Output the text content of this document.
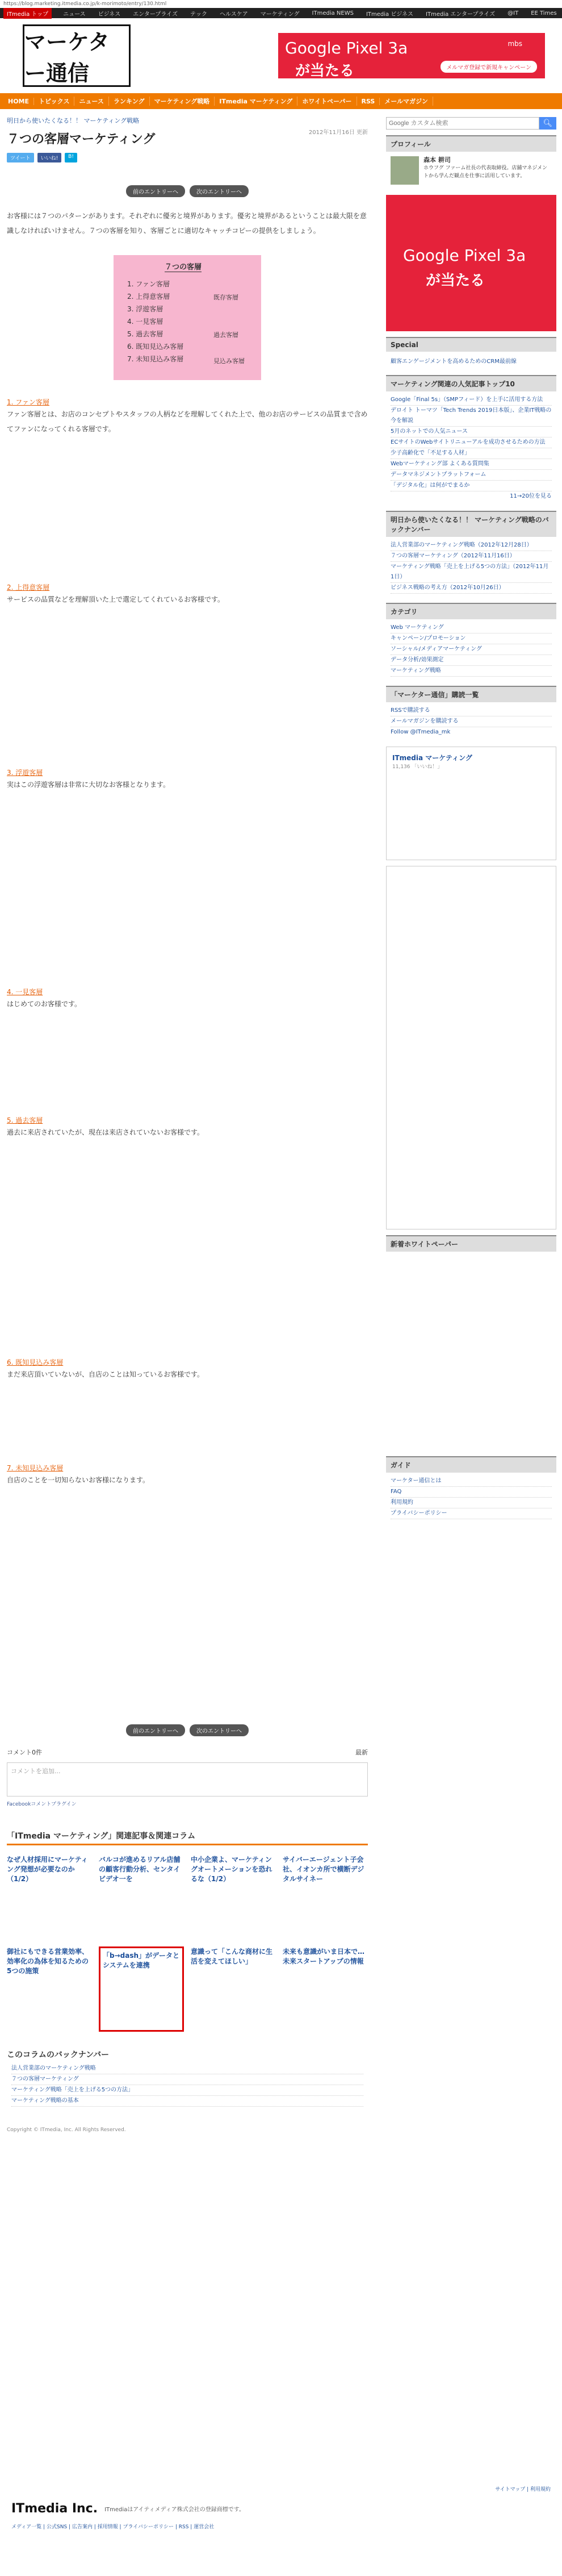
https://blog.marketing.itmedia.co.jp/k-morimoto/entry/130.html
ITmedia トップ	ニュース ビジネス エンタープライズ テック ヘルスケア マーケティング ITmedia NEWS ITmedia ビジネス ITmedia エンタープライズ @IT EE Times
マーケター通信
Google Pixel 3a
が当たる
mbs
メルマガ登録で新規キャンペーン
HOME	トピックス	ニュース	ランキング	マーケティング戦略	ITmedia マーケティング	ホワイトペーパー	RSS	メールマガジン
明日から使いたくなる！！ マーケティング戦略
７つの客層マーケティング	2012年11月16日 更新
ツイート	いいね!	B!
前のエントリーへ	次のエントリーへ

お客様には７つのパターンがあります。それぞれに優劣と境界があります。優劣と境界があるということは最大限を意識しなければいけません。７つの客層を知り、客層ごとに適切なキャッチコピーの提供をしましょう。

７つの客層
1. ファン客層
2. 上得意客層
3. 浮遊客層
4. 一見客層
5. 過去客層
6. 既知見込み客層
7. 未知見込み客層
既存客層
過去客層
見込み客層
1. ファン客層

ファン客層とは、お店のコンセプトやスタッフの人柄などを理解してくれた上で、他のお店のサービスの品質まで含めてファンになってくれる客層です。

2. 上得意客層

サービスの品質などを理解頂いた上で選定してくれているお客様です。

3. 浮遊客層

実はこの浮遊客層は非常に大切なお客様となります。

4. 一見客層

はじめてのお客様です。

5. 過去客層

過去に来店されていたが、現在は来店されていないお客様です。

6. 既知見込み客層

まだ来店頂いていないが、自店のことは知っているお客様です。

7. 未知見込み客層

自店のことを一切知らないお客様になります。

前のエントリーへ	次のエントリーへ
コメント0件	最新
コメントを追加...
Facebookコメントプラグイン
「ITmedia マーケティング」関連記事＆関連コラム
なぜ人材採用にマーケティング発想が必要なのか（1/2）
バルコが進めるリアル店舗の顧客行動分析、センタイビデオ一を
中小企業よ、マーケティングオートメーションを恐れるな（1/2）
サイバーエージェント子会社、イオンカ所で横断デジタルサイネー
御社にもできる営業効率、効率化の為体を知るための5つの施策
「b→dash」がデータとシステムを連携
意識って「こんな商材に生活を変えてほしい」
未来も意識がいま日本で…未来スタートアップの情報
このコラムのバックナンバー
法人営業部のマーケティング戦略
７つの客層マーケティング
マーケティング戦略「売上を上げる5つの方法」
マーケティング戦略の基本
Copyright © ITmedia, Inc. All Rights Reserved.
Google カスタム検索
🔍︎
プロフィール
森本 耕司
ホウフグ ファーム社長の代表取締役。店舗マネジメントから学んだ観点を仕事に活用しています。
Google Pixel 3a
が当たる
Special
顧客エンゲージメントを高めるためのCRM最前線
マーケティング関連の人気記事トップ10
Google「Final 5s」（SMPフィード）を上手に活用する方法
デロイト トーマツ「Tech Trends 2019日本版」、企業IT戦略の今を解説
5月のネットでの人気ニュース
ECサイトのWebサイトリニューアルを成功させるための方法
少子高齢化で「不足する人材」
Webマーケティング部 よくある質問集
データマネジメントプラットフォーム
「デジタル化」は何がでまるか
11→20位を見る
明日から使いたくなる！！ マーケティング戦略のバックナンバー
法人営業部のマーケティング戦略（2012年12月28日）
７つの客層マーケティング（2012年11月16日）
マーケティング戦略「売上を上げる5つの方法」（2012年11月1日）
ビジネス戦略の考え方（2012年10月26日）
カテゴリ
Web マーケティング
キャンペーン/プロモーション
ソーシャル/メディアマーケティング
データ分析/効果測定
マーケティング戦略
「マーケター通信」購読一覧
RSSで購読する
メールマガジンを購読する
Follow @ITmedia_mk
ITmedia マーケティング
11,136 「いいね！」
新着ホワイトペーパー
ガイド
マーケター通信とは
FAQ
利用規約
プライバシーポリシー
サイトマップ | 利用規約
ITmedia Inc. ITmediaはアイティメディア株式会社の登録商標です。
メディア一覧 | 公式SNS | 広告案内 | 採用情報 | プライバシーポリシー | RSS | 運営会社
